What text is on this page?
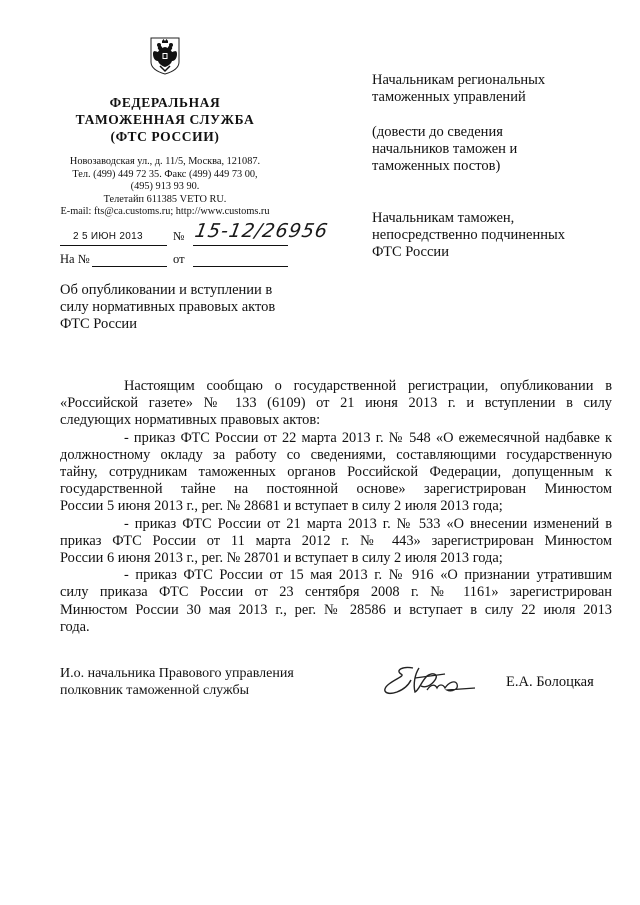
ФЕДЕРАЛЬНАЯ
ТАМОЖЕННАЯ СЛУЖБА
(ФТС РОССИИ)
Новозаводская ул., д. 11/5, Москва, 121087.
Тел. (499) 449 72 35. Факс (499) 449 73 00,
(495) 913 93 90.
Телетайп 611385 VETO RU.
E-mail: fts@ca.customs.ru; http://www.customs.ru
2 5 ИЮН 2013	№ 15-12/26956
На №	от
Об опубликовании и вступлении в
силу нормативных правовых актов
ФТС России
Начальникам региональных
таможенных управлений
(довести до сведения
начальников таможен и
таможенных постов)
Начальникам таможен,
непосредственно подчиненных
ФТС России
Настоящим сообщаю о государственной регистрации, опубликовании в
«Российской газете» № 133 (6109) от 21 июня 2013 г. и вступлении в силу
следующих нормативных правовых актов:
- приказ ФТС России от 22 марта 2013 г. № 548 «О ежемесячной надбавке к
должностному окладу за работу со сведениями, составляющими государственную
тайну, сотрудникам таможенных органов Российской Федерации, допущенным к
государственной тайне на постоянной основе» зарегистрирован Минюстом
России 5 июня 2013 г., рег. № 28681 и вступает в силу 2 июля 2013 года;
- приказ ФТС России от 21 марта 2013 г. № 533 «О внесении изменений в
приказ ФТС России от 11 марта 2012 г. № 443» зарегистрирован Минюстом
России 6 июня 2013 г., рег. № 28701 и вступает в силу 2 июля 2013 года;
- приказ ФТС России от 15 мая 2013 г. № 916 «О признании утратившим
силу приказа ФТС России от 23 сентября 2008 г. № 1161» зарегистрирован
Минюстом России 30 мая 2013 г., рег. № 28586 и вступает в силу 22 июля 2013
года.
И.о. начальника Правового управления
полковник таможенной службы
Е.А. Болоцкая
